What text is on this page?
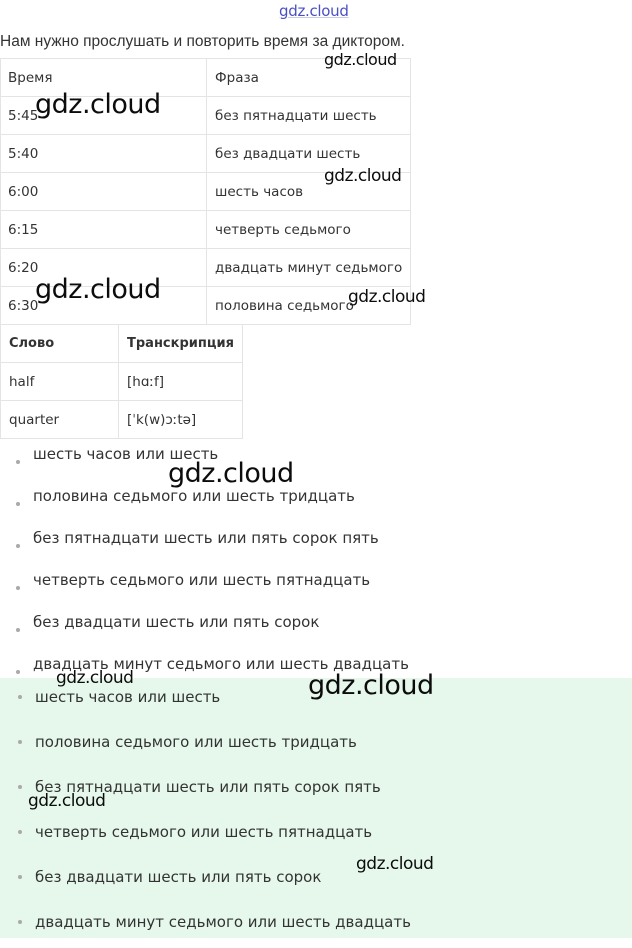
gdz.cloud
Нам нужно прослушать и повторить время за диктором.
Время	Фраза
5:45	без пятнадцати шесть
5:40	без двадцати шесть
6:00	шесть часов
6:15	четверть седьмого
6:20	двадцать минут седьмого
6:30	половина седьмого
Слово	Транскрипция
half	[hɑːf]
quarter	[ˈk(w)ɔːtə]
шесть часов или шесть
половина седьмого или шесть тридцать
без пятнадцати шесть или пять сорок пять
четверть седьмого или шесть пятнадцать
без двадцати шесть или пять сорок
двадцать минут седьмого или шесть двадцать
шесть часов или шесть
половина седьмого или шесть тридцать
без пятнадцати шесть или пять сорок пять
четверть седьмого или шесть пятнадцать
без двадцати шесть или пять сорок
двадцать минут седьмого или шесть двадцать
gdz.cloud
gdz.cloud
gdz.cloud
gdz.cloud	gdz.cloud
gdz.cloud
gdz.cloud	gdz.cloud
gdz.cloud
gdz.cloud
